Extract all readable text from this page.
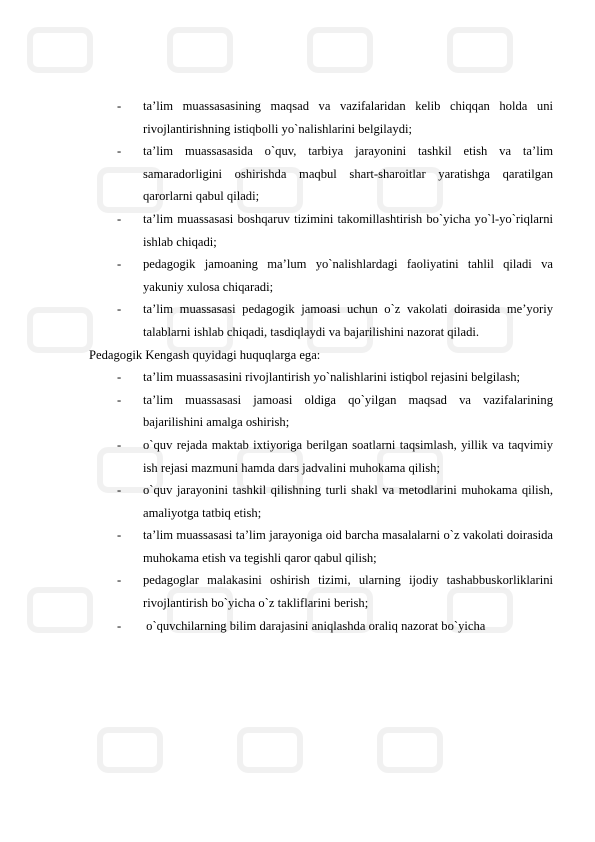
- ta’lim muassasasining maqsad va vazifalaridan kelib chiqqan holda uni rivojlantirishning istiqbolli yo`nalishlarini belgilaydi;
- ta’lim muassasasida o`quv, tarbiya jarayonini tashkil etish va ta’lim samaradorligini oshirishda maqbul shart-sharoitlar yaratishga qaratilgan qarorlarni qabul qiladi;
- ta’lim muassasasi boshqaruv tizimini takomillashtirish bo`yicha yo`l-yo`riqlarni ishlab chiqadi;
- pedagogik jamoaning ma’lum yo`nalishlardagi faoliyatini tahlil qiladi va yakuniy xulosa chiqaradi;
- ta’lim muassasasi pedagogik jamoasi uchun o`z vakolati doirasida me’yoriy talablarni ishlab chiqadi, tasdiqlaydi va bajarilishini nazorat qiladi.
Pedagogik Kengash quyidagi huquqlarga ega:
- ta’lim muassasasini rivojlantirish yo`nalishlarini istiqbol rejasini belgilash;
- ta’lim muassasasi jamoasi oldiga qo`yilgan maqsad va vazifalarining bajarilishini amalga oshirish;
- o`quv rejada maktab ixtiyoriga berilgan soatlarni taqsimlash, yillik va taqvimiy ish rejasi mazmuni hamda dars jadvalini muhokama qilish;
- o`quv jarayonini tashkil qilishning turli shakl va metodlarini muhokama qilish, amaliyotga tatbiq etish;
- ta’lim muassasasi ta’lim jarayoniga oid barcha masalalarni o`z vakolati doirasida muhokama etish va tegishli qaror qabul qilish;
- pedagoglar malakasini oshirish tizimi, ularning ijodiy tashabbuskorliklarini rivojlantirish bo`yicha o`z takliflarini berish;
- o`quvchilarning bilim darajasini aniqlashda oraliq nazorat bo`yicha
